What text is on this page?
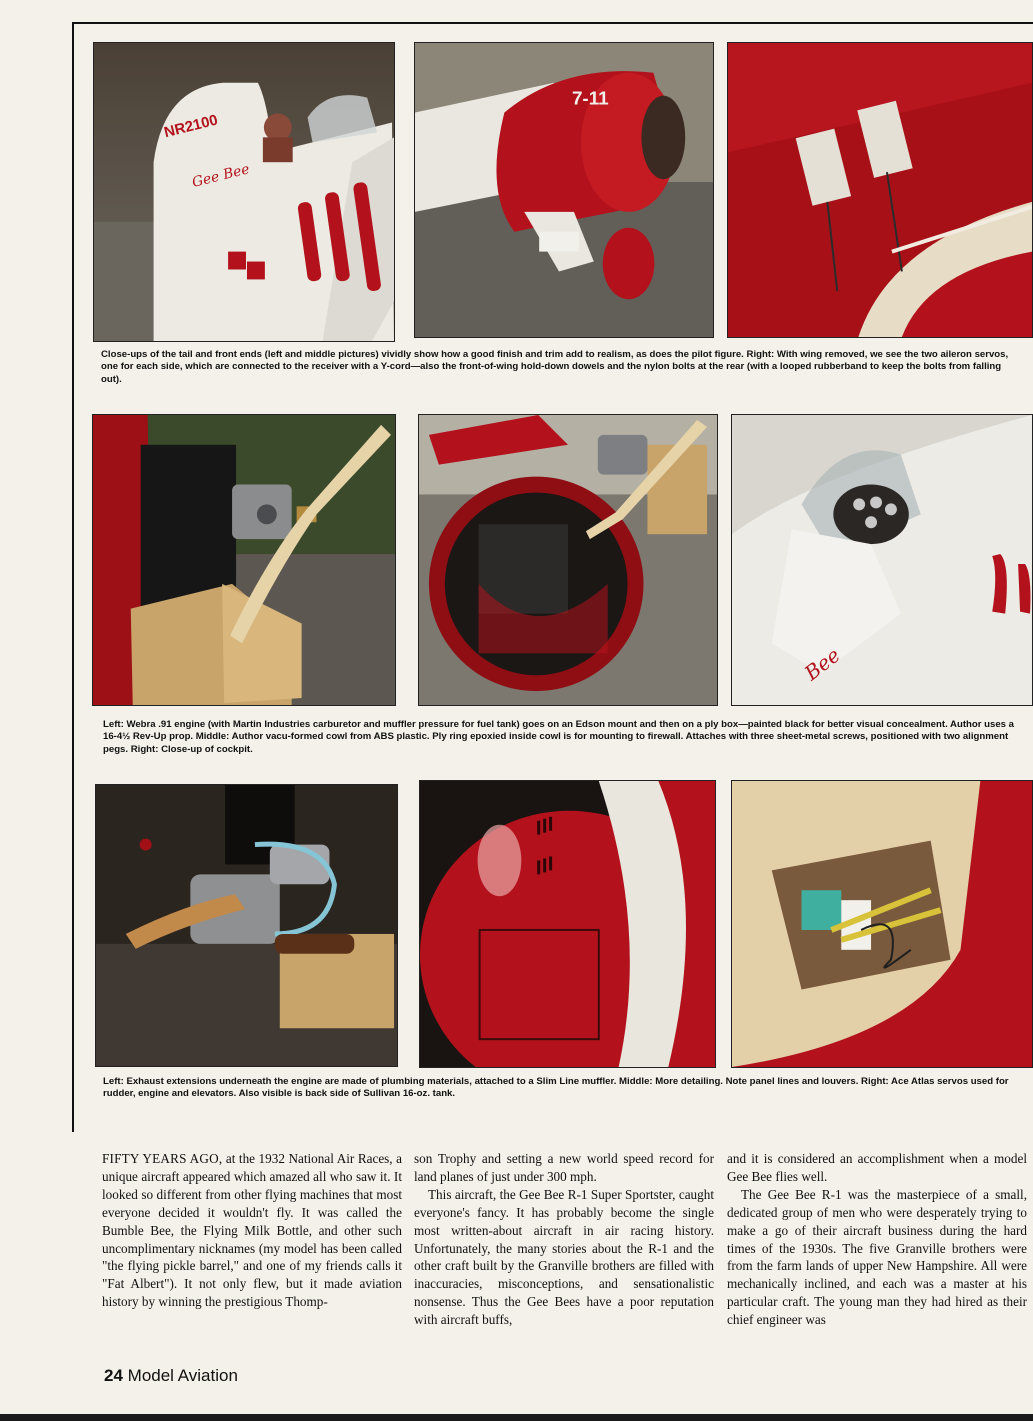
NR2100
Gee Bee
7-11
Close-ups of the tail and front ends (left and middle pictures) vividly show how a good finish and trim add to realism, as does the pilot figure. Right: With wing removed, we see the two aileron servos, one for each side, which are connected to the receiver with a Y-cord—also the front-of-wing hold-down dowels and the nylon bolts at the rear (with a looped rubberband to keep the bolts from falling out).
Bee
Left: Webra .91 engine (with Martin Industries carburetor and muffler pressure for fuel tank) goes on an Edson mount and then on a ply box—painted black for better visual concealment. Author uses a 16-4½ Rev-Up prop. Middle: Author vacu-formed cowl from ABS plastic. Ply ring epoxied inside cowl is for mounting to firewall. Attaches with three sheet-metal screws, positioned with two alignment pegs. Right: Close-up of cockpit.
Left: Exhaust extensions underneath the engine are made of plumbing materials, attached to a Slim Line muffler. Middle: More detailing. Note panel lines and louvers. Right: Ace Atlas servos used for rudder, engine and elevators. Also visible is back side of Sullivan 16-oz. tank.

FIFTY YEARS AGO, at the 1932 National Air Races, a unique aircraft appeared which amazed all who saw it. It looked so different from other flying machines that most everyone decided it wouldn't fly. It was called the Bumble Bee, the Flying Milk Bottle, and other such uncomplimentary nicknames (my model has been called "the flying pickle barrel," and one of my friends calls it "Fat Albert"). It not only flew, but it made aviation history by winning the prestigious Thomp-

son Trophy and setting a new world speed record for land planes of just under 300 mph.

This aircraft, the Gee Bee R-1 Super Sportster, caught everyone's fancy. It has probably become the single most written-about aircraft in air racing history. Unfortunately, the many stories about the R-1 and the other craft built by the Granville brothers are filled with inaccuracies, misconceptions, and sensationalistic nonsense. Thus the Gee Bees have a poor reputation with aircraft buffs,

and it is considered an accomplishment when a model Gee Bee flies well.

The Gee Bee R-1 was the masterpiece of a small, dedicated group of men who were desperately trying to make a go of their aircraft business during the hard times of the 1930s. The five Granville brothers were from the farm lands of upper New Hampshire. All were mechanically inclined, and each was a master at his particular craft. The young man they had hired as their chief engineer was

24 Model Aviation
